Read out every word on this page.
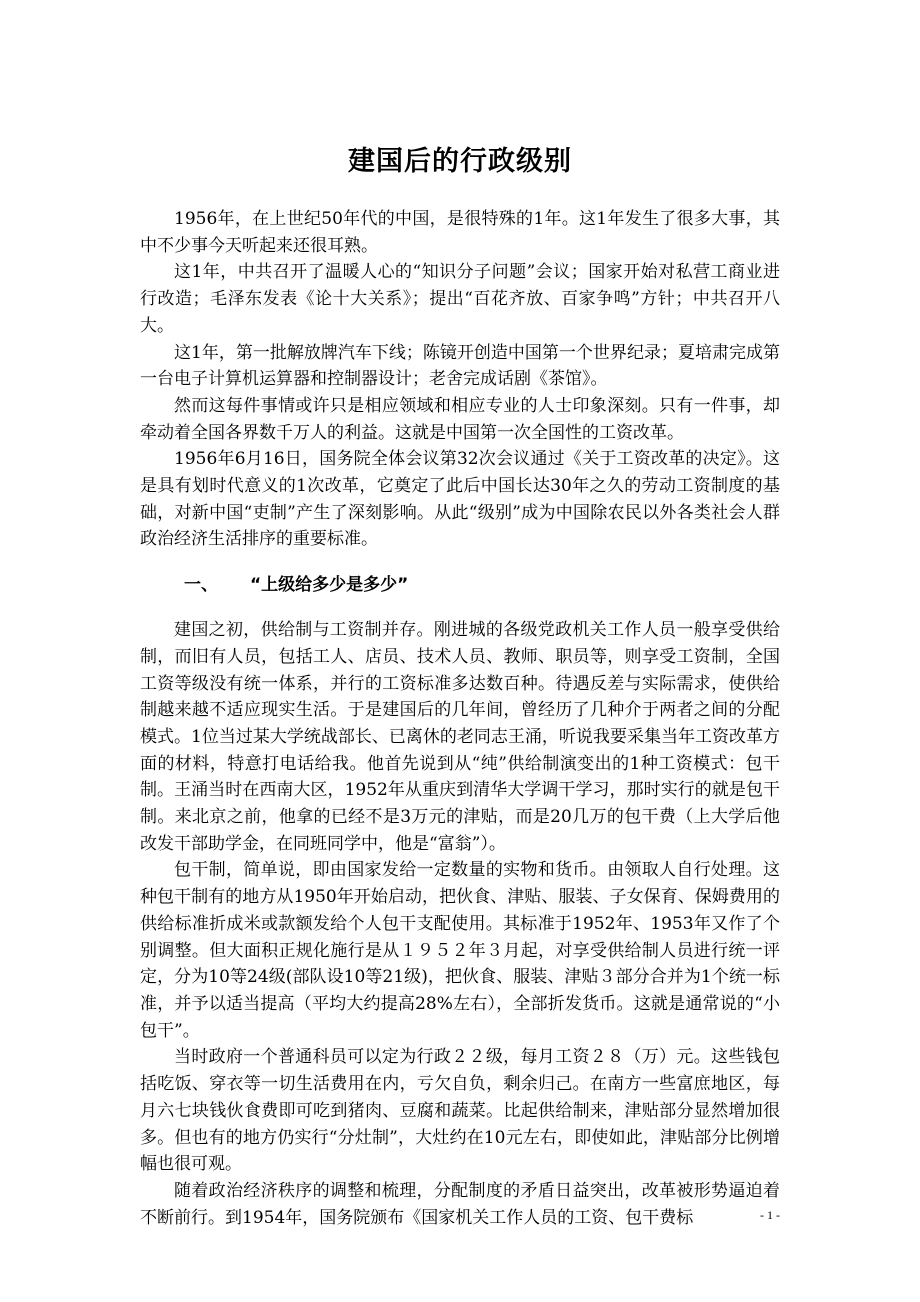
建国后的行政级别

1956年，在上世纪50年代的中国，是很特殊的1年。这1年发生了很多大事，其中不少事今天听起来还很耳熟。

这1年，中共召开了温暖人心的“知识分子问题”会议；国家开始对私营工商业进行改造；毛泽东发表《论十大关系》；提出“百花齐放、百家争鸣”方针；中共召开八大。

这1年，第一批解放牌汽车下线；陈镜开创造中国第一个世界纪录；夏培肃完成第一台电子计算机运算器和控制器设计；老舍完成话剧《茶馆》。

然而这每件事情或许只是相应领域和相应专业的人士印象深刻。只有一件事，却牵动着全国各界数千万人的利益。这就是中国第一次全国性的工资改革。

1956年6月16日，国务院全体会议第32次会议通过《关于工资改革的决定》。这是具有划时代意义的1次改革，它奠定了此后中国长达30年之久的劳动工资制度的基础，对新中国“吏制”产生了深刻影响。从此“级别”成为中国除农民以外各类社会人群政治经济生活排序的重要标准。

一、 “上级给多少是多少”

建国之初，供给制与工资制并存。刚进城的各级党政机关工作人员一般享受供给制，而旧有人员，包括工人、店员、技术人员、教师、职员等，则享受工资制，全国工资等级没有统一体系，并行的工资标准多达数百种。待遇反差与实际需求，使供给制越来越不适应现实生活。于是建国后的几年间，曾经历了几种介于两者之间的分配模式。1位当过某大学统战部长、已离休的老同志王涌，听说我要采集当年工资改革方面的材料，特意打电话给我。他首先说到从“纯”供给制演变出的1种工资模式：包干制。王涌当时在西南大区，1952年从重庆到清华大学调干学习，那时实行的就是包干制。来北京之前，他拿的已经不是3万元的津贴，而是20几万的包干费（上大学后他改发干部助学金，在同班同学中，他是“富翁”）。

包干制，简单说，即由国家发给一定数量的实物和货币。由领取人自行处理。这种包干制有的地方从1950年开始启动，把伙食、津贴、服装、子女保育、保姆费用的供给标准折成米或款额发给个人包干支配使用。其标准于1952年、1953年又作了个别调整。但大面积正规化施行是从１９５２年３月起，对享受供给制人员进行统一评定，分为10等24级(部队设10等21级)，把伙食、服装、津贴３部分合并为1个统一标准，并予以适当提高（平均大约提高28%左右），全部折发货币。这就是通常说的“小包干”。

当时政府一个普通科员可以定为行政２２级，每月工资２８（万）元。这些钱包括吃饭、穿衣等一切生活费用在内，亏欠自负，剩余归己。在南方一些富庶地区，每月六七块钱伙食费即可吃到猪肉、豆腐和蔬菜。比起供给制来，津贴部分显然增加很多。但也有的地方仍实行“分灶制”，大灶约在10元左右，即使如此，津贴部分比例增幅也很可观。

随着政治经济秩序的调整和梳理，分配制度的矛盾日益突出，改革被形势逼迫着不断前行。到1954年，国务院颁布《国家机关工作人员的工资、包干费标	- 1 -
